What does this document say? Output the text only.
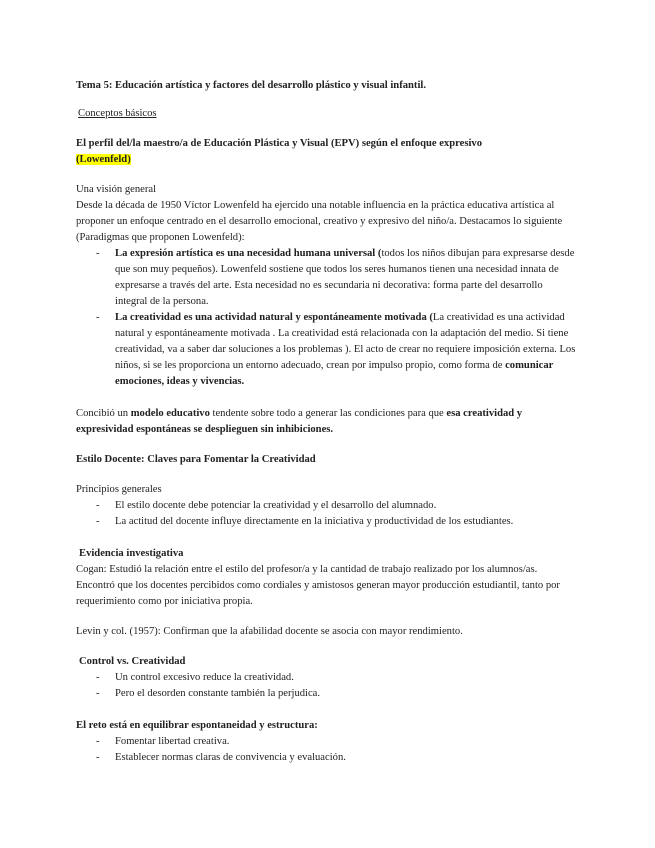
Tema 5: Educación artística y factores del desarrollo plástico y visual infantil.

Conceptos básicos

El perfil del/la maestro/a de Educación Plástica y Visual (EPV) según el enfoque expresivo
(Lowenfeld)

Una visión general

Desde la década de 1950 Víctor Lowenfeld ha ejercido una notable influencia en la práctica educativa artística al proponer un enfoque centrado en el desarrollo emocional, creativo y expresivo del niño/a. Destacamos lo siguiente (Paradigmas que proponen Lowenfeld):

- La expresión artística es una necesidad humana universal (todos los niños dibujan para expresarse desde que son muy pequeños). Lowenfeld sostiene que todos los seres humanos tienen una necesidad innata de expresarse a través del arte. Esta necesidad no es secundaria ni decorativa: forma parte del desarrollo integral de la persona.
- La creatividad es una actividad natural y espontáneamente motivada (La creatividad es una actividad natural y espontáneamente motivada . La creatividad está relacionada con la adaptación del medio. Si tiene creatividad, va a saber dar soluciones a los problemas ). El acto de crear no requiere imposición externa. Los niños, si se les proporciona un entorno adecuado, crean por impulso propio, como forma de comunicar emociones, ideas y vivencias.

Concibió un modelo educativo tendente sobre todo a generar las condiciones para que esa creatividad y expresividad espontáneas se desplieguen sin inhibiciones.

Estilo Docente: Claves para Fomentar la Creatividad

Principios generales

- El estilo docente debe potenciar la creatividad y el desarrollo del alumnado.
- La actitud del docente influye directamente en la iniciativa y productividad de los estudiantes.

Evidencia investigativa

Cogan: Estudió la relación entre el estilo del profesor/a y la cantidad de trabajo realizado por los alumnos/as. Encontró que los docentes percibidos como cordiales y amistosos generan mayor producción estudiantil, tanto por requerimiento como por iniciativa propia.

Levin y col. (1957): Confirman que la afabilidad docente se asocia con mayor rendimiento.

Control vs. Creatividad

- Un control excesivo reduce la creatividad.
- Pero el desorden constante también la perjudica.

El reto está en equilibrar espontaneidad y estructura:

- Fomentar libertad creativa.
- Establecer normas claras de convivencia y evaluación.
